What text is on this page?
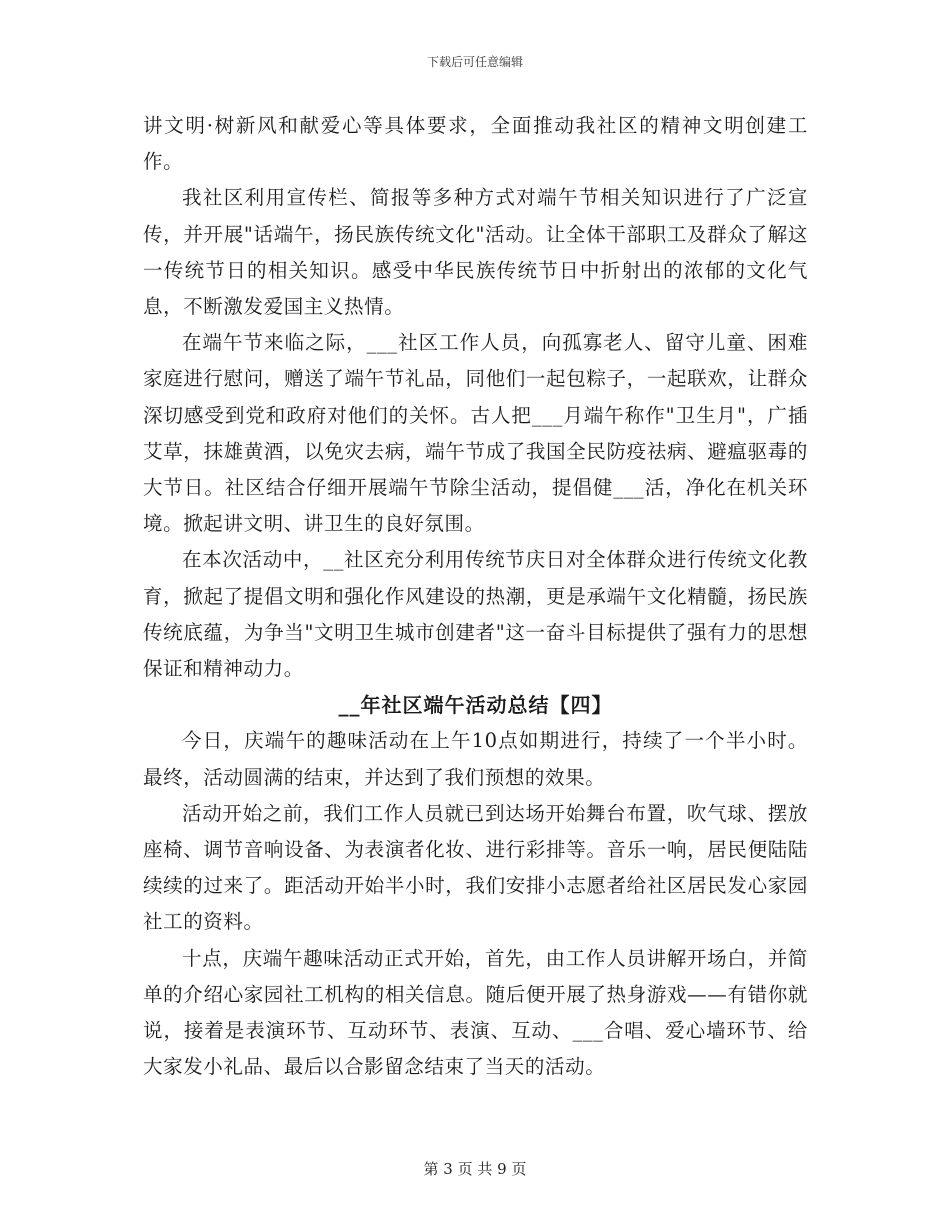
下载后可任意编辑

讲文明·树新风和献爱心等具体要求，全面推动我社区的精神文明创建工作。

我社区利用宣传栏、简报等多种方式对端午节相关知识进行了广泛宣传，并开展"话端午，扬民族传统文化"活动。让全体干部职工及群众了解这一传统节日的相关知识。感受中华民族传统节日中折射出的浓郁的文化气息，不断激发爱国主义热情。

在端午节来临之际，___社区工作人员，向孤寡老人、留守儿童、困难家庭进行慰问，赠送了端午节礼品，同他们一起包粽子，一起联欢，让群众深切感受到党和政府对他们的关怀。古人把___月端午称作"卫生月"，广插艾草，抹雄黄酒，以免灾去病，端午节成了我国全民防疫祛病、避瘟驱毒的大节日。社区结合仔细开展端午节除尘活动，提倡健___活，净化在机关环境。掀起讲文明、讲卫生的良好氛围。

在本次活动中，__社区充分利用传统节庆日对全体群众进行传统文化教育，掀起了提倡文明和强化作风建设的热潮，更是承端午文化精髓，扬民族传统底蕴，为争当"文明卫生城市创建者"这一奋斗目标提供了强有力的思想保证和精神动力。

__年社区端午活动总结【四】

今日，庆端午的趣味活动在上午10点如期进行，持续了一个半小时。最终，活动圆满的结束，并达到了我们预想的效果。

活动开始之前，我们工作人员就已到达场开始舞台布置，吹气球、摆放座椅、调节音响设备、为表演者化妆、进行彩排等。音乐一响，居民便陆陆续续的过来了。距活动开始半小时，我们安排小志愿者给社区居民发心家园社工的资料。

十点，庆端午趣味活动正式开始，首先，由工作人员讲解开场白，并简单的介绍心家园社工机构的相关信息。随后便开展了热身游戏——有错你就说，接着是表演环节、互动环节、表演、互动、___合唱、爱心墙环节、给大家发小礼品、最后以合影留念结束了当天的活动。

第 3 页 共 9 页
